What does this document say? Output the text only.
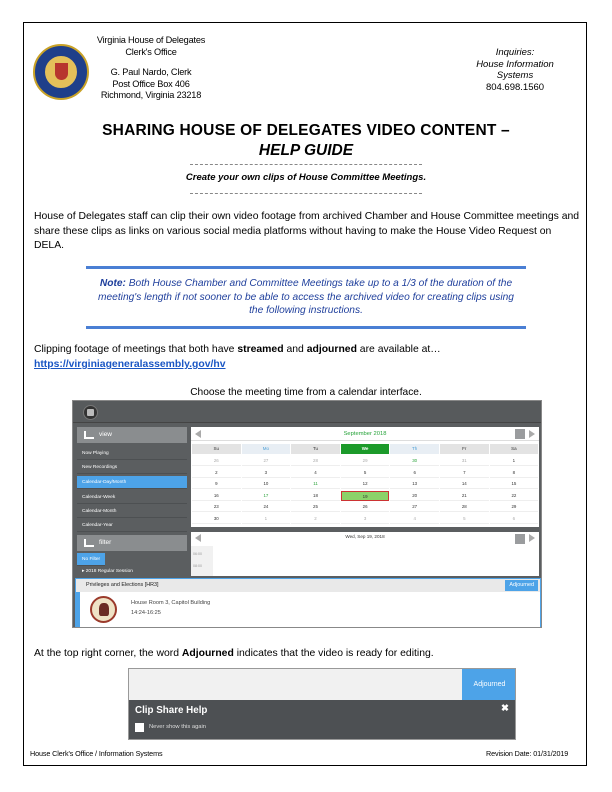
Virginia House of Delegates
Clerk's Office
G. Paul Nardo, Clerk
Post Office Box 406
Richmond, Virginia 23218
Inquiries:
House Information
Systems
804.698.1560
SHARING HOUSE OF DELEGATES VIDEO CONTENT –
HELP GUIDE
Create your own clips of House Committee Meetings.
House of Delegates staff can clip their own video footage from archived Chamber and House Committee meetings and share these clips as links on various social media platforms without having to make the House Video Request on DELA.
Note: Both House Chamber and Committee Meetings take up to a 1/3 of the duration of the meeting's length if not sooner to be able to access the archived video for creating clips using the following instructions.
Clipping footage of meetings that both have streamed and adjourned are available at…
https://virginiageneralassembly.gov/hv
Choose the meeting time from a calendar interface.
view
Now Playing
New Recordings
Calendar-Day/Month
Calendar-Week
Calendar-Month
Calendar-Year
filter
No Filter
▸ 2018 Regular Session
September 2018
Su	Mo	Tu	We	Th	Fr	Sa
26	27	28	29	30	31	1
2	3	4	5	6	7	8
9	10	11	12	13	14	15
16	17	18	19	20	21	22
23	24	25	26	27	28	29
30	1	2	3	4	5	6
Wed, Sep 19, 2018
06:00
08:00
Privileges and Elections [HR3]	Adjourned
House Room 3, Capitol Building
14:24-16:25
At the top right corner, the word Adjourned indicates that the video is ready for editing.
Adjourned
Clip Share Help	✖
Never show this again
House Clerk's Office / Information Systems	Revision Date: 01/31/2019
